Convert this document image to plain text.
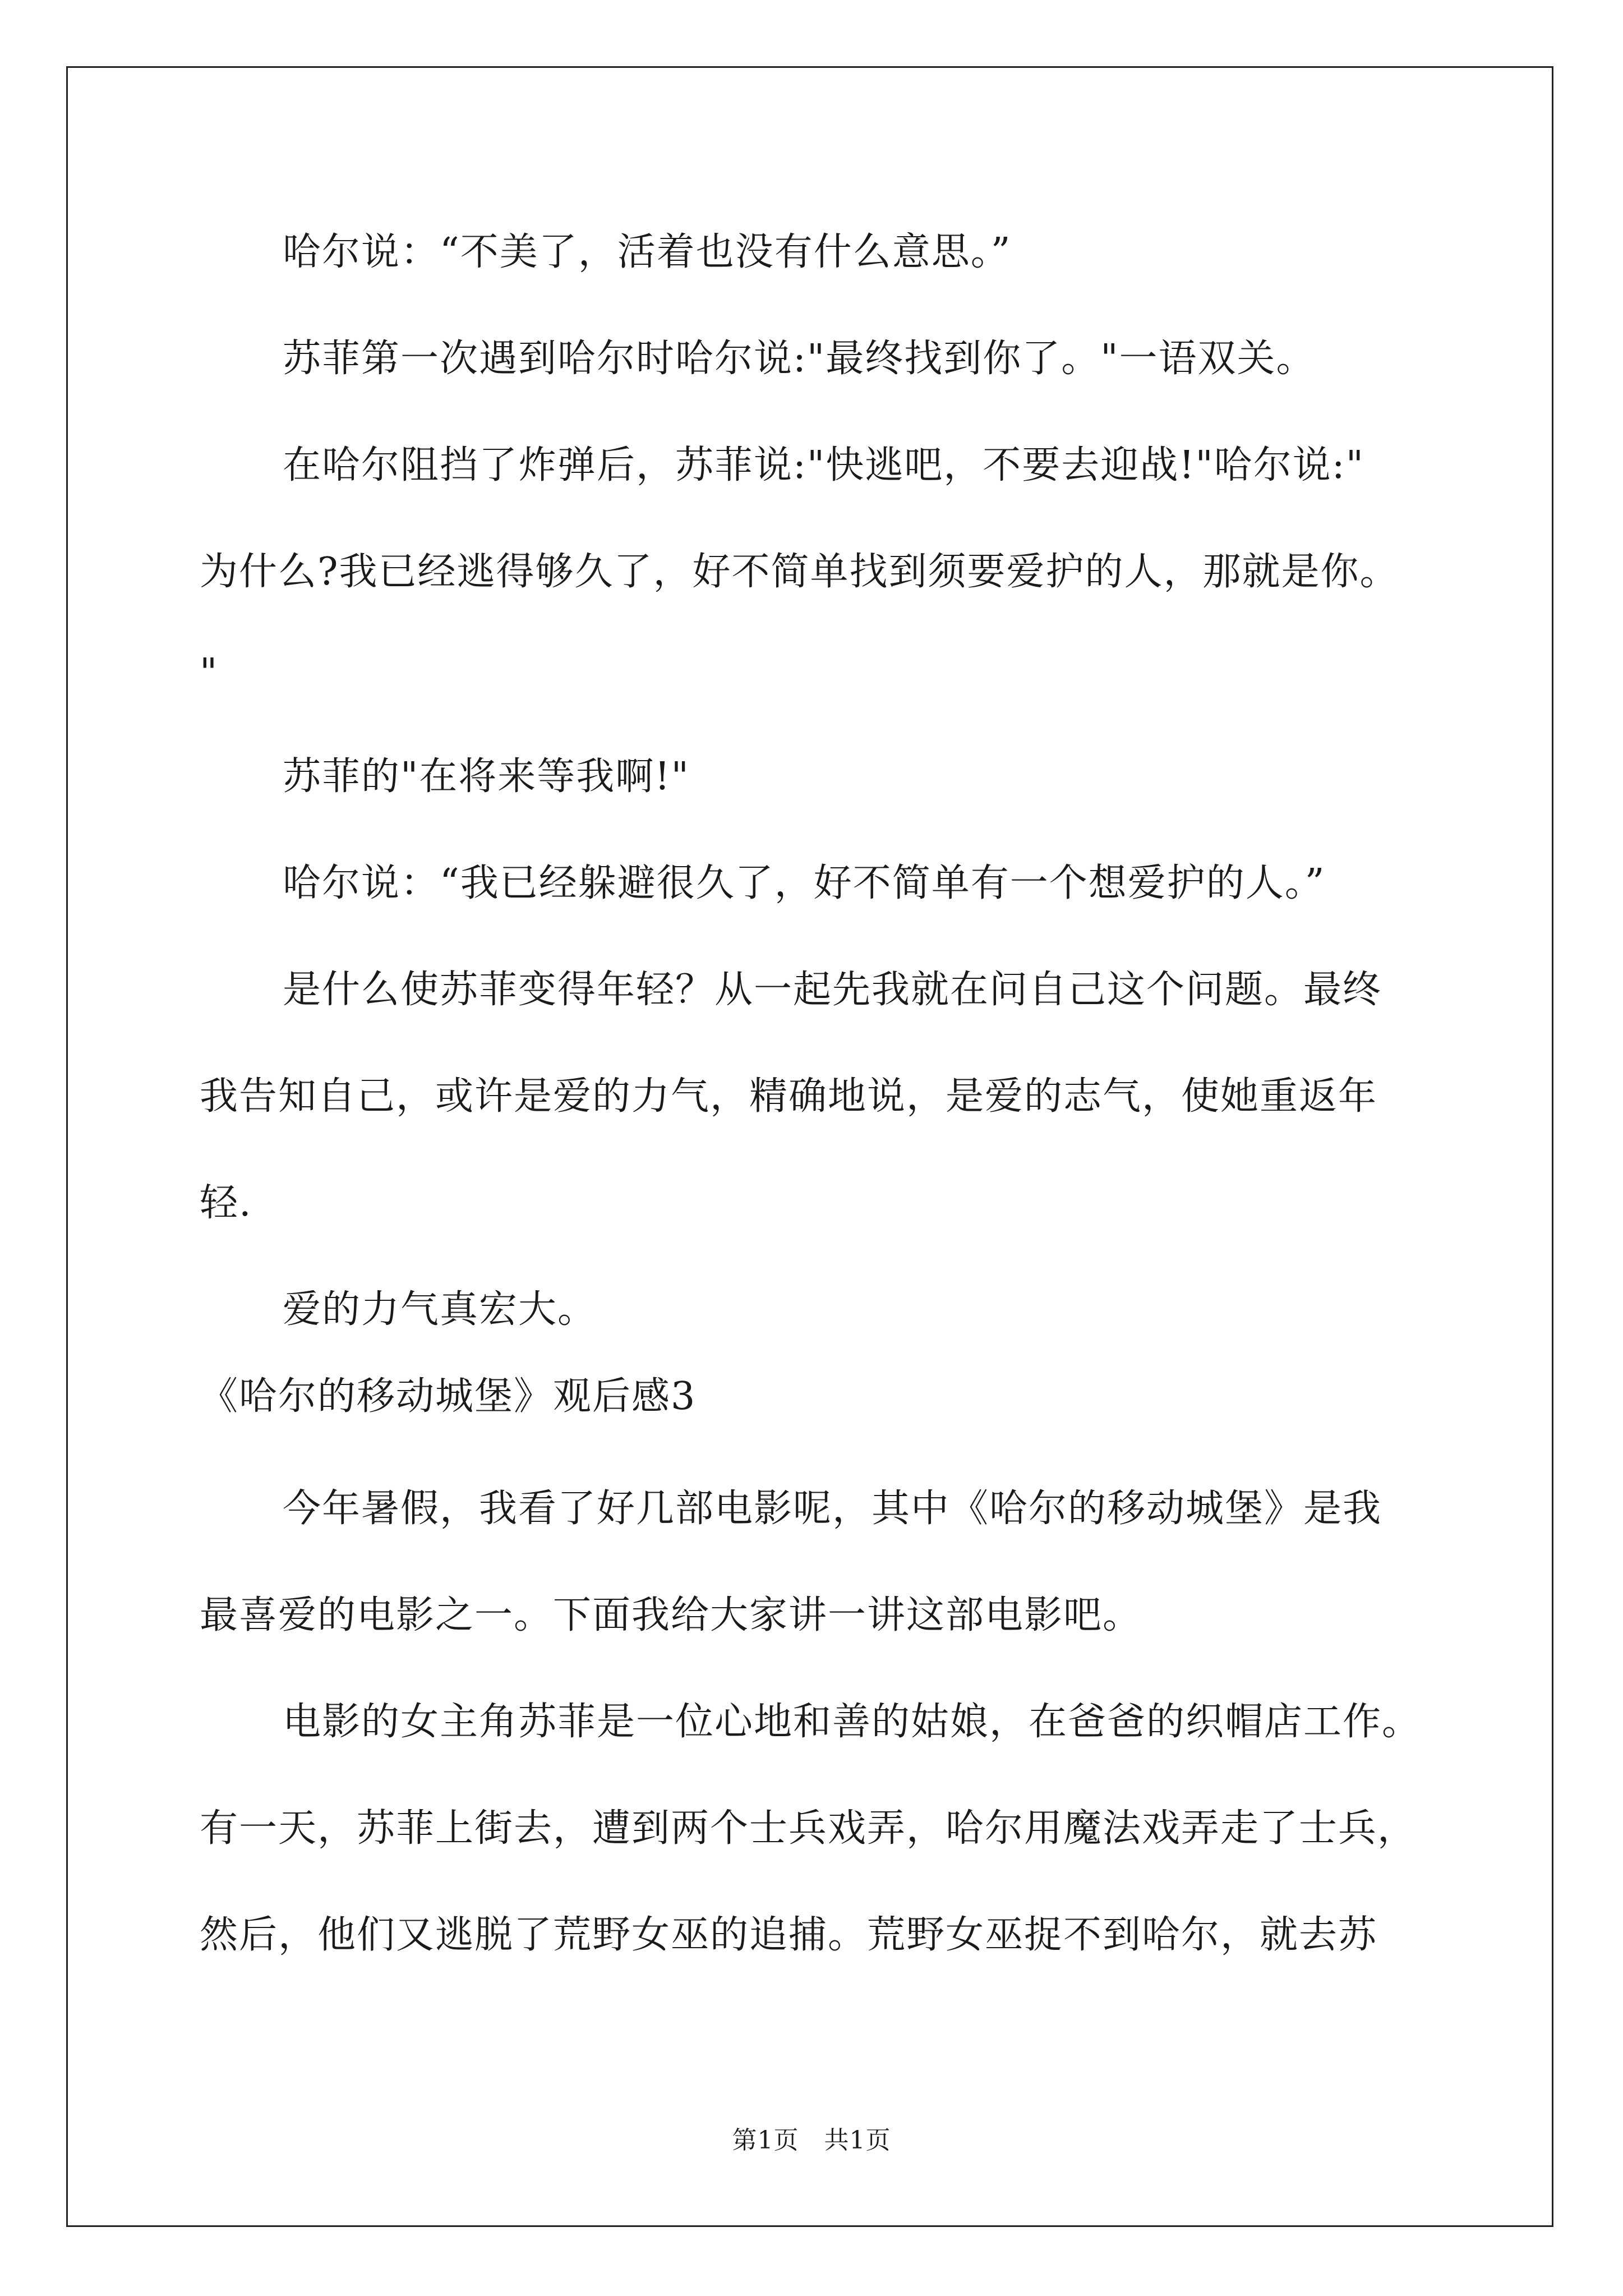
哈尔说：“不美了，活着也没有什么意思。”
苏菲第一次遇到哈尔时哈尔说:"最终找到你了。"一语双关。
在哈尔阻挡了炸弹后，苏菲说:"快逃吧，不要去迎战!"哈尔说:"
为什么?我已经逃得够久了，好不简单找到须要爱护的人，那就是你。
"
苏菲的"在将来等我啊!"
哈尔说：“我已经躲避很久了，好不简单有一个想爱护的人。”
是什么使苏菲变得年轻？从一起先我就在问自己这个问题。最终
我告知自己，或许是爱的力气，精确地说，是爱的志气，使她重返年
轻.
爱的力气真宏大。
《哈尔的移动城堡》观后感3
今年暑假，我看了好几部电影呢，其中《哈尔的移动城堡》是我
最喜爱的电影之一。下面我给大家讲一讲这部电影吧。
电影的女主角苏菲是一位心地和善的姑娘，在爸爸的织帽店工作。
有一天，苏菲上街去，遭到两个士兵戏弄，哈尔用魔法戏弄走了士兵，
然后，他们又逃脱了荒野女巫的追捕。荒野女巫捉不到哈尔，就去苏
第1页　共1页
